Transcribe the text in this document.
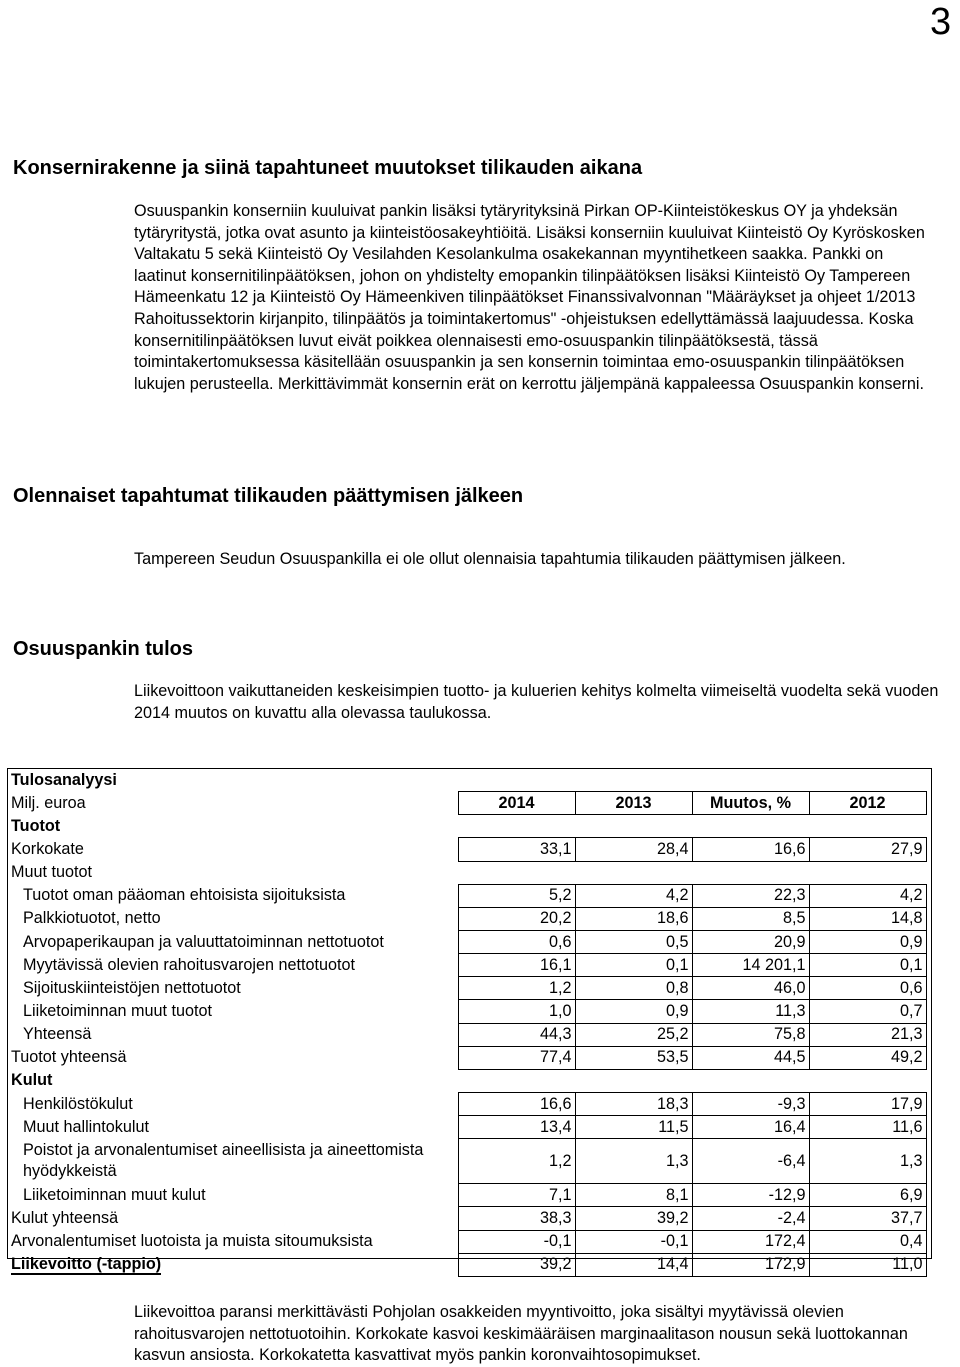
3
Konsernirakenne ja siinä tapahtuneet muutokset tilikauden aikana

Osuuspankin konserniin kuuluivat pankin lisäksi tytäryrityksinä Pirkan OP-Kiinteistökeskus OY ja yhdeksän tytäryritystä, jotka ovat asunto ja kiinteistöosakeyhtiöitä. Lisäksi konserniin kuuluivat Kiinteistö Oy Kyröskosken Valtakatu 5 sekä Kiinteistö Oy Vesilahden Kesolankulma osakekannan myyntihetkeen saakka. Pankki on laatinut konsernitilinpäätöksen, johon on yhdistelty emopankin tilinpäätöksen lisäksi Kiinteistö Oy Tampereen Hämeenkatu 12 ja Kiinteistö Oy Hämeenkiven tilinpäätökset Finanssivalvonnan "Määräykset ja ohjeet 1/2013 Rahoitussektorin kirjanpito, tilinpäätös ja toimintakertomus" -ohjeistuksen edellyttämässä laajuudessa. Koska konsernitilinpäätöksen luvut eivät poikkea olennaisesti emo-osuuspankin tilinpäätöksestä, tässä toimintakertomuksessa käsitellään osuuspankin ja sen konsernin toimintaa emo-osuuspankin tilinpäätöksen lukujen perusteella. Merkittävimmät konsernin erät on kerrottu jäljempänä kappaleessa Osuuspankin konserni.

Olennaiset tapahtumat tilikauden päättymisen jälkeen

Tampereen Seudun Osuuspankilla ei ole ollut olennaisia tapahtumia tilikauden päättymisen jälkeen.

Osuuspankin tulos

Liikevoittoon vaikuttaneiden keskeisimpien tuotto- ja kuluerien kehitys kolmelta viimeiseltä vuodelta sekä vuoden 2014 muutos on kuvattu alla olevassa taulukossa.

Tulosanalyysi				
Milj. euroa	2014	2013	Muutos, %	2012
Tuotot				
Korkokate	33,1	28,4	16,6	27,9
Muut tuotot				
Tuotot oman pääoman ehtoisista sijoituksista	5,2	4,2	22,3	4,2
Palkkiotuotot, netto	20,2	18,6	8,5	14,8
Arvopaperikaupan ja valuuttatoiminnan nettotuotot	0,6	0,5	20,9	0,9
Myytävissä olevien rahoitusvarojen nettotuotot	16,1	0,1	14 201,1	0,1
Sijoituskiinteistöjen nettotuotot	1,2	0,8	46,0	0,6
Liiketoiminnan muut tuotot	1,0	0,9	11,3	0,7
Yhteensä	44,3	25,2	75,8	21,3
Tuotot yhteensä	77,4	53,5	44,5	49,2
Kulut				
Henkilöstökulut	16,6	18,3	-9,3	17,9
Muut hallintokulut	13,4	11,5	16,4	11,6
Poistot ja arvonalentumiset aineellisista ja aineettomista hyödykkeistä	1,2	1,3	-6,4	1,3
Liiketoiminnan muut kulut	7,1	8,1	-12,9	6,9
Kulut yhteensä	38,3	39,2	-2,4	37,7
Arvonalentumiset luotoista ja muista sitoumuksista	-0,1	-0,1	172,4	0,4
Liikevoitto (-tappio)	39,2	14,4	172,9	11,0

Liikevoittoa paransi merkittävästi Pohjolan osakkeiden myyntivoitto, joka sisältyi myytävissä olevien rahoitusvarojen nettotuotoihin. Korkokate kasvoi keskimääräisen marginaalitason nousun sekä luottokannan kasvun ansiosta. Korkokatetta kasvattivat myös pankin koronvaihtosopimukset.
